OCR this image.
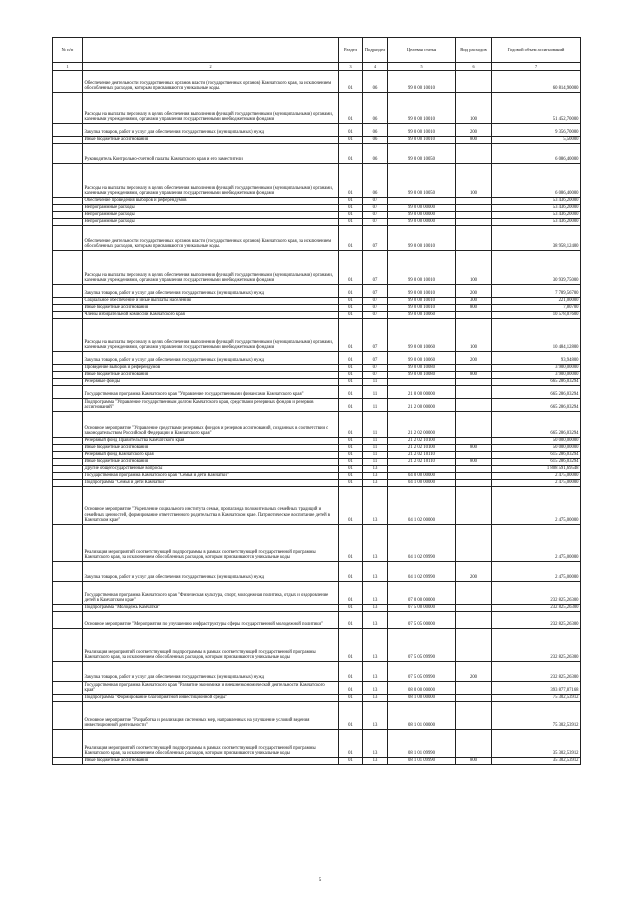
№ п/п		Раздел	Подраздел	Целевая статья	Вид расходов	Годовой объем ассигнований
1	2	3	4	5	6	7
	Обеспечение деятельности государственных органов власти (государственных органов) Камчатского края, за исключением обособленных расходов, которым присваиваются уникальные коды.	01	06	99 0 00 10010		60 814,90000
	Расходы на выплаты персоналу в целях обеспечения выполнения функций государственными (муниципальными) органами, казенными учреждениями, органами управления государственными внебюджетными фондами	01	06	99 0 00 10010	100	51 452,70000
	Закупка товаров, работ и услуг для обеспечения государственных (муниципальных) нужд	01	06	99 0 00 10010	200	9 356,70000
	Иные бюджетные ассигнования	01	06	99 0 00 10010	800	5,50000
	Руководитель Контрольно-счетной палаты Камчатского края и его заместители	01	06	99 0 00 10050		6 086,40000
	Расходы на выплаты персоналу в целях обеспечения выполнения функций государственными (муниципальными) органами, казенными учреждениями, органами управления государственными внебюджетными фондами	01	06	99 0 00 10050	100	6 086,40000
	Обеспечение проведения выборов и референдумов	01	07			53 436,20000
	Непрограммные расходы	01	07	99 0 00 00000		53 436,20000
	Непрограммные расходы	01	07	99 0 00 00000		53 436,20000
	Непрограммные расходы	01	07	99 0 00 00000		53 436,20000
	Обеспечение деятельности государственных органов власти (государственных органов) Камчатского края, за исключением обособленных расходов, которым присваиваются уникальные коды.	01	07	99 0 00 10010		38 958,12400
	Расходы на выплаты персоналу в целях обеспечения выполнения функций государственными (муниципальными) органами, казенными учреждениями, органами управления государственными внебюджетными фондами	01	07	99 0 00 10010	100	30 939,75000
	Закупка товаров, работ и услуг для обеспечения государственных (муниципальных) нужд	01	07	99 0 00 10010	200	7 789,56700
	Социальное обеспечение и иные выплаты населению	01	07	99 0 00 10010	300	221,00000
	Иные бюджетные ассигнования	01	07	99 0 00 10010	800	7,80700
	Члены избирательной комиссии Камчатского края	01	07	99 0 00 10060		10 578,07600
	Расходы на выплаты персоналу в целях обеспечения выполнения функций государственными (муниципальными) органами, казенными учреждениями, органами управления государственными внебюджетными фондами	01	07	99 0 00 10060	100	10 484,12800
	Закупка товаров, работ и услуг для обеспечения государственных (муниципальных) нужд	01	07	99 0 00 10060	200	93,94800
	Проведение выборов и референдумов	01	07	99 0 00 10080		3 900,00000
	Иные бюджетные ассигнования	01	07	99 0 00 10080	800	3 900,00000
	Резервные фонды	01	11			665 286,03294
	Государственная программа Камчатского края "Управление государственными финансами Камчатского края"	01	11	21 0 00 00000		665 286,03294
	Подпрограмма "Управление государственным долгом Камчатского края, средствами резервных фондов и резервов ассигнований"	01	11	21 2 00 00000		665 286,03294
	Основное мероприятие "Управление средствами резервных фондов и резервов ассигнований, созданных в соответствии с законодательством Российской Федерации и Камчатского края"	01	11	21 2 02 00000		665 286,03294
	Резервный фонд Правительства Камчатского края	01	11	21 2 02 10100		50 000,00000
	Иные бюджетные ассигнования	01	11	21 2 02 10100	800	50 000,00000
	Резервный фонд Камчатского края	01	11	21 2 02 10110		615 286,03294
	Иные бюджетные ассигнования	01	11	21 2 02 10110	800	615 286,03294
	Другие общегосударственные вопросы	01	13			1 808 591,69548
	Государственная программа Камчатского края "Семья и дети Камчатки"	01	13	04 0 00 00000		2 475,00000
	Подпрограмма "Семья и дети Камчатки"	01	13	04 1 00 00000		2 475,00000
	Основное мероприятие "Укрепление социального института семьи, пропаганда положительных семейных традиций и семейных ценностей, формирование ответственного родительства в Камчатском крае. Патриотическое воспитание детей в Камчатском крае"	01	13	04 1 02 00000		2 475,00000
	Реализация мероприятий соответствующей подпрограммы в рамках соответствующей государственной программы Камчатского края, за исключением обособленных расходов, которым присваиваются уникальные коды	01	13	04 1 02 09990		2 475,00000
	Закупка товаров, работ и услуг для обеспечения государственных (муниципальных) нужд	01	13	04 1 02 09990	200	2 475,00000
	Государственная программа Камчатского края "Физическая культура, спорт, молодежная политика, отдых и оздоровление детей в Камчатском крае"	01	13	07 0 00 00000		232 825,26300
	Подпрограмма "Молодежь Камчатки"	01	13	07 5 00 00000		232 825,26300
	Основное мероприятие "Мероприятия по улучшению инфраструктуры сферы государственной молодежной политики"	01	13	07 5 05 00000		232 825,26300
	Реализация мероприятий соответствующей подпрограммы в рамках соответствующей государственной программы Камчатского края, за исключением обособленных расходов, которым присваиваются уникальные коды	01	13	07 5 05 09990		232 825,26300
	Закупка товаров, работ и услуг для обеспечения государственных (муниципальных) нужд	01	13	07 5 05 09990	200	232 825,26300
	Государственная программа Камчатского края "Развитие экономики и внешнеэкономической деятельности Камчатского края"	01	13	08 0 00 00000		393 877,87168
	Подпрограмма "Формирование благоприятной инвестиционной среды"	01	13	08 1 00 00000		75 302,53912
	Основное мероприятие "Разработка и реализация системных мер, направленных на улучшение условий ведения инвестиционной деятельности"	01	13	08 1 01 00000		75 302,53912
	Реализация мероприятий соответствующей подпрограммы в рамках соответствующей государственной программы Камчатского края, за исключением обособленных расходов, которым присваиваются уникальные коды	01	13	08 1 01 09990		35 302,53912
	Иные бюджетные ассигнования	01	13	08 1 01 09990	800	35 302,53912
5
